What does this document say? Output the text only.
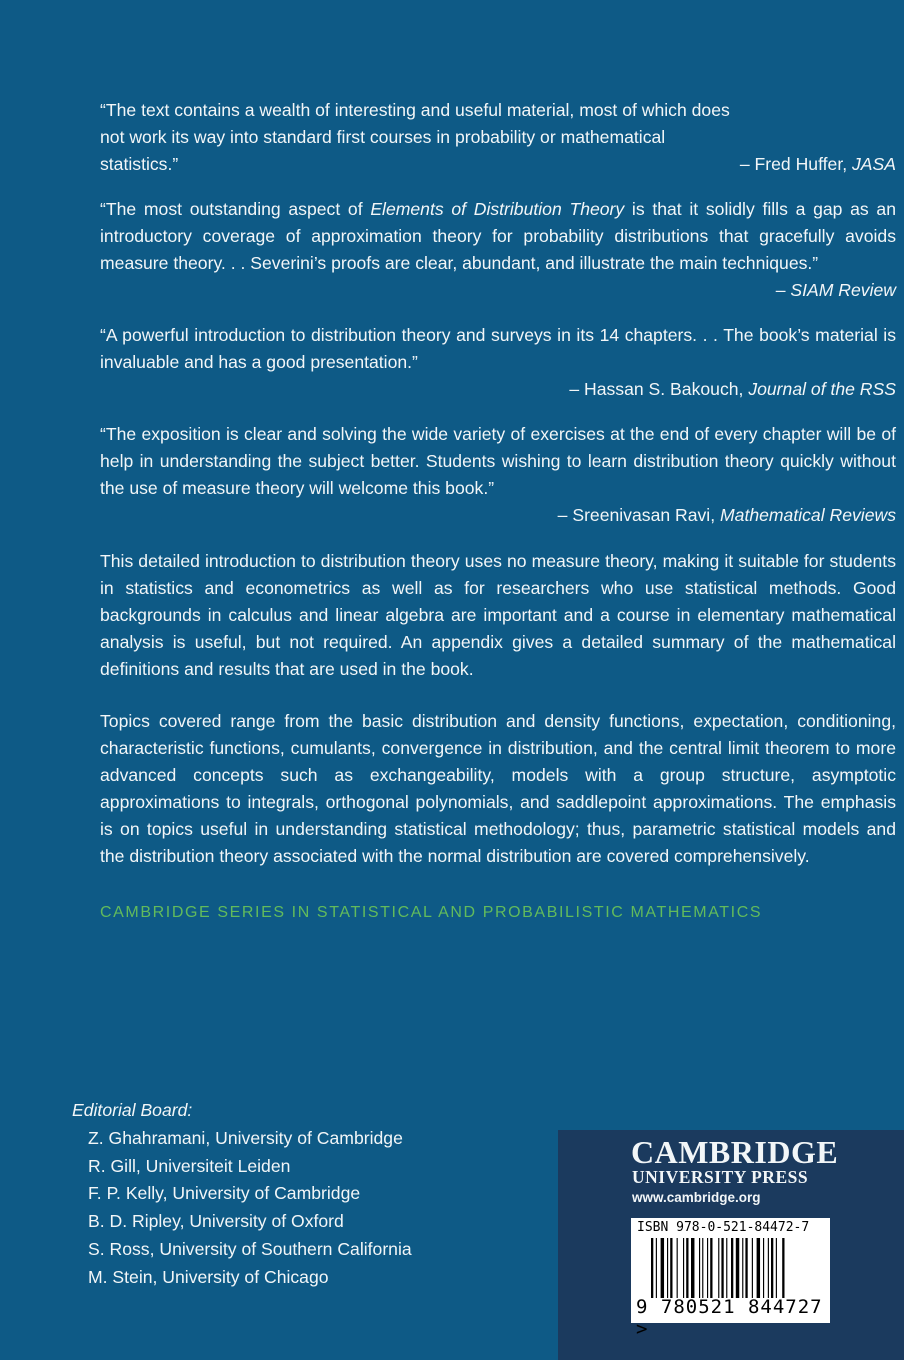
“The text contains a wealth of interesting and useful material, most of which does not work its way into standard first courses in probability or mathematical statistics.”	– Fred Huffer, JASA

“The most outstanding aspect of Elements of Distribution Theory is that it solidly fills a gap as an introductory coverage of approximation theory for probability distributions that gracefully avoids measure theory. . . Severini’s proofs are clear, abundant, and illustrate the main techniques.”

– SIAM Review

“A powerful introduction to distribution theory and surveys in its 14 chapters. . . The book’s material is invaluable and has a good presentation.”

– Hassan S. Bakouch, Journal of the RSS

“The exposition is clear and solving the wide variety of exercises at the end of every chapter will be of help in understanding the subject better. Students wishing to learn distribution theory quickly without the use of measure theory will welcome this book.”

– Sreenivasan Ravi, Mathematical Reviews

This detailed introduction to distribution theory uses no measure theory, making it suitable for students in statistics and econometrics as well as for researchers who use statistical methods. Good backgrounds in calculus and linear algebra are important and a course in elementary mathematical analysis is useful, but not required. An appendix gives a detailed summary of the mathematical definitions and results that are used in the book.

Topics covered range from the basic distribution and density functions, expectation, conditioning, characteristic functions, cumulants, convergence in distribution, and the central limit theorem to more advanced concepts such as exchangeability, models with a group structure, asymptotic approximations to integrals, orthogonal polynomials, and saddlepoint approximations. The emphasis is on topics useful in understanding statistical methodology; thus, parametric statistical models and the distribution theory associated with the normal distribution are covered comprehensively.

CAMBRIDGE SERIES IN STATISTICAL AND PROBABILISTIC MATHEMATICS
Editorial Board:
Z. Ghahramani, University of Cambridge
R. Gill, Universiteit Leiden
F. P. Kelly, University of Cambridge
B. D. Ripley, University of Oxford
S. Ross, University of Southern California
M. Stein, University of Chicago
CAMBRIDGE
UNIVERSITY PRESS
www.cambridge.org
ISBN 978-0-521-84472-7
9 780521 844727 >
